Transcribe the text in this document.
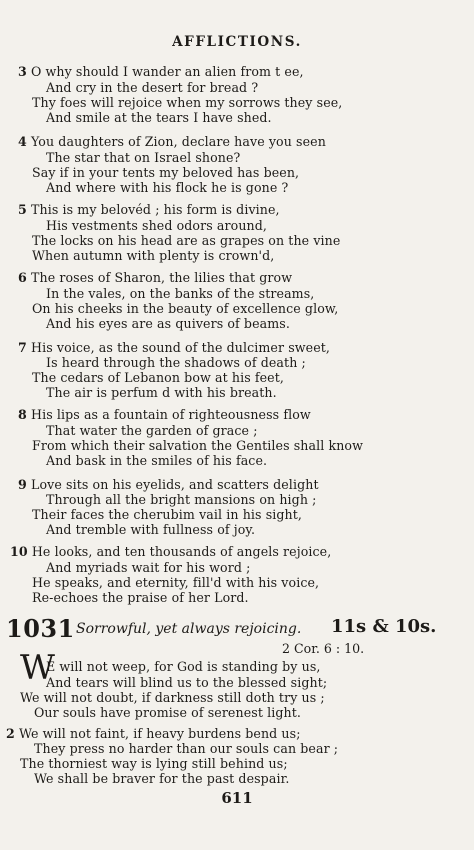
AFFLICTIONS.
3 O why should I wander an alien from t ee,
And cry in the desert for bread ?
Thy foes will rejoice when my sorrows they see,
And smile at the tears I have shed.
4 You daughters of Zion, declare have you seen
The star that on Israel shone?
Say if in your tents my beloved has been,
And where with his flock he is gone ?
5 This is my belovéd ; his form is divine,
His vestments shed odors around,
The locks on his head are as grapes on the vine
When autumn with plenty is crown'd,
6 The roses of Sharon, the lilies that grow
In the vales, on the banks of the streams,
On his cheeks in the beauty of excellence glow,
And his eyes are as quivers of beams.
7 His voice, as the sound of the dulcimer sweet,
Is heard through the shadows of death ;
The cedars of Lebanon bow at his feet,
The air is perfum d with his breath.
8 His lips as a fountain of righteousness flow
That water the garden of grace ;
From which their salvation the Gentiles shall know
And bask in the smiles of his face.
9 Love sits on his eyelids, and scatters delight
Through all the bright mansions on high ;
Their faces the cherubim vail in his sight,
And tremble with fullness of joy.
10 He looks, and ten thousands of angels rejoice,
And myriads wait for his word ;
He speaks, and eternity, fill'd with his voice,
Re-echoes the praise of her Lord.
1031 Sorrowful, yet always rejoicing. 11s & 10s.
2 Cor. 6 : 10.
W
E will not weep, for God is standing by us,
And tears will blind us to the blessed sight;
We will not doubt, if darkness still doth try us ;
Our souls have promise of serenest light.
2 We will not faint, if heavy burdens bend us;
They press no harder than our souls can bear ;
The thorniest way is lying still behind us;
We shall be braver for the past despair.
611
